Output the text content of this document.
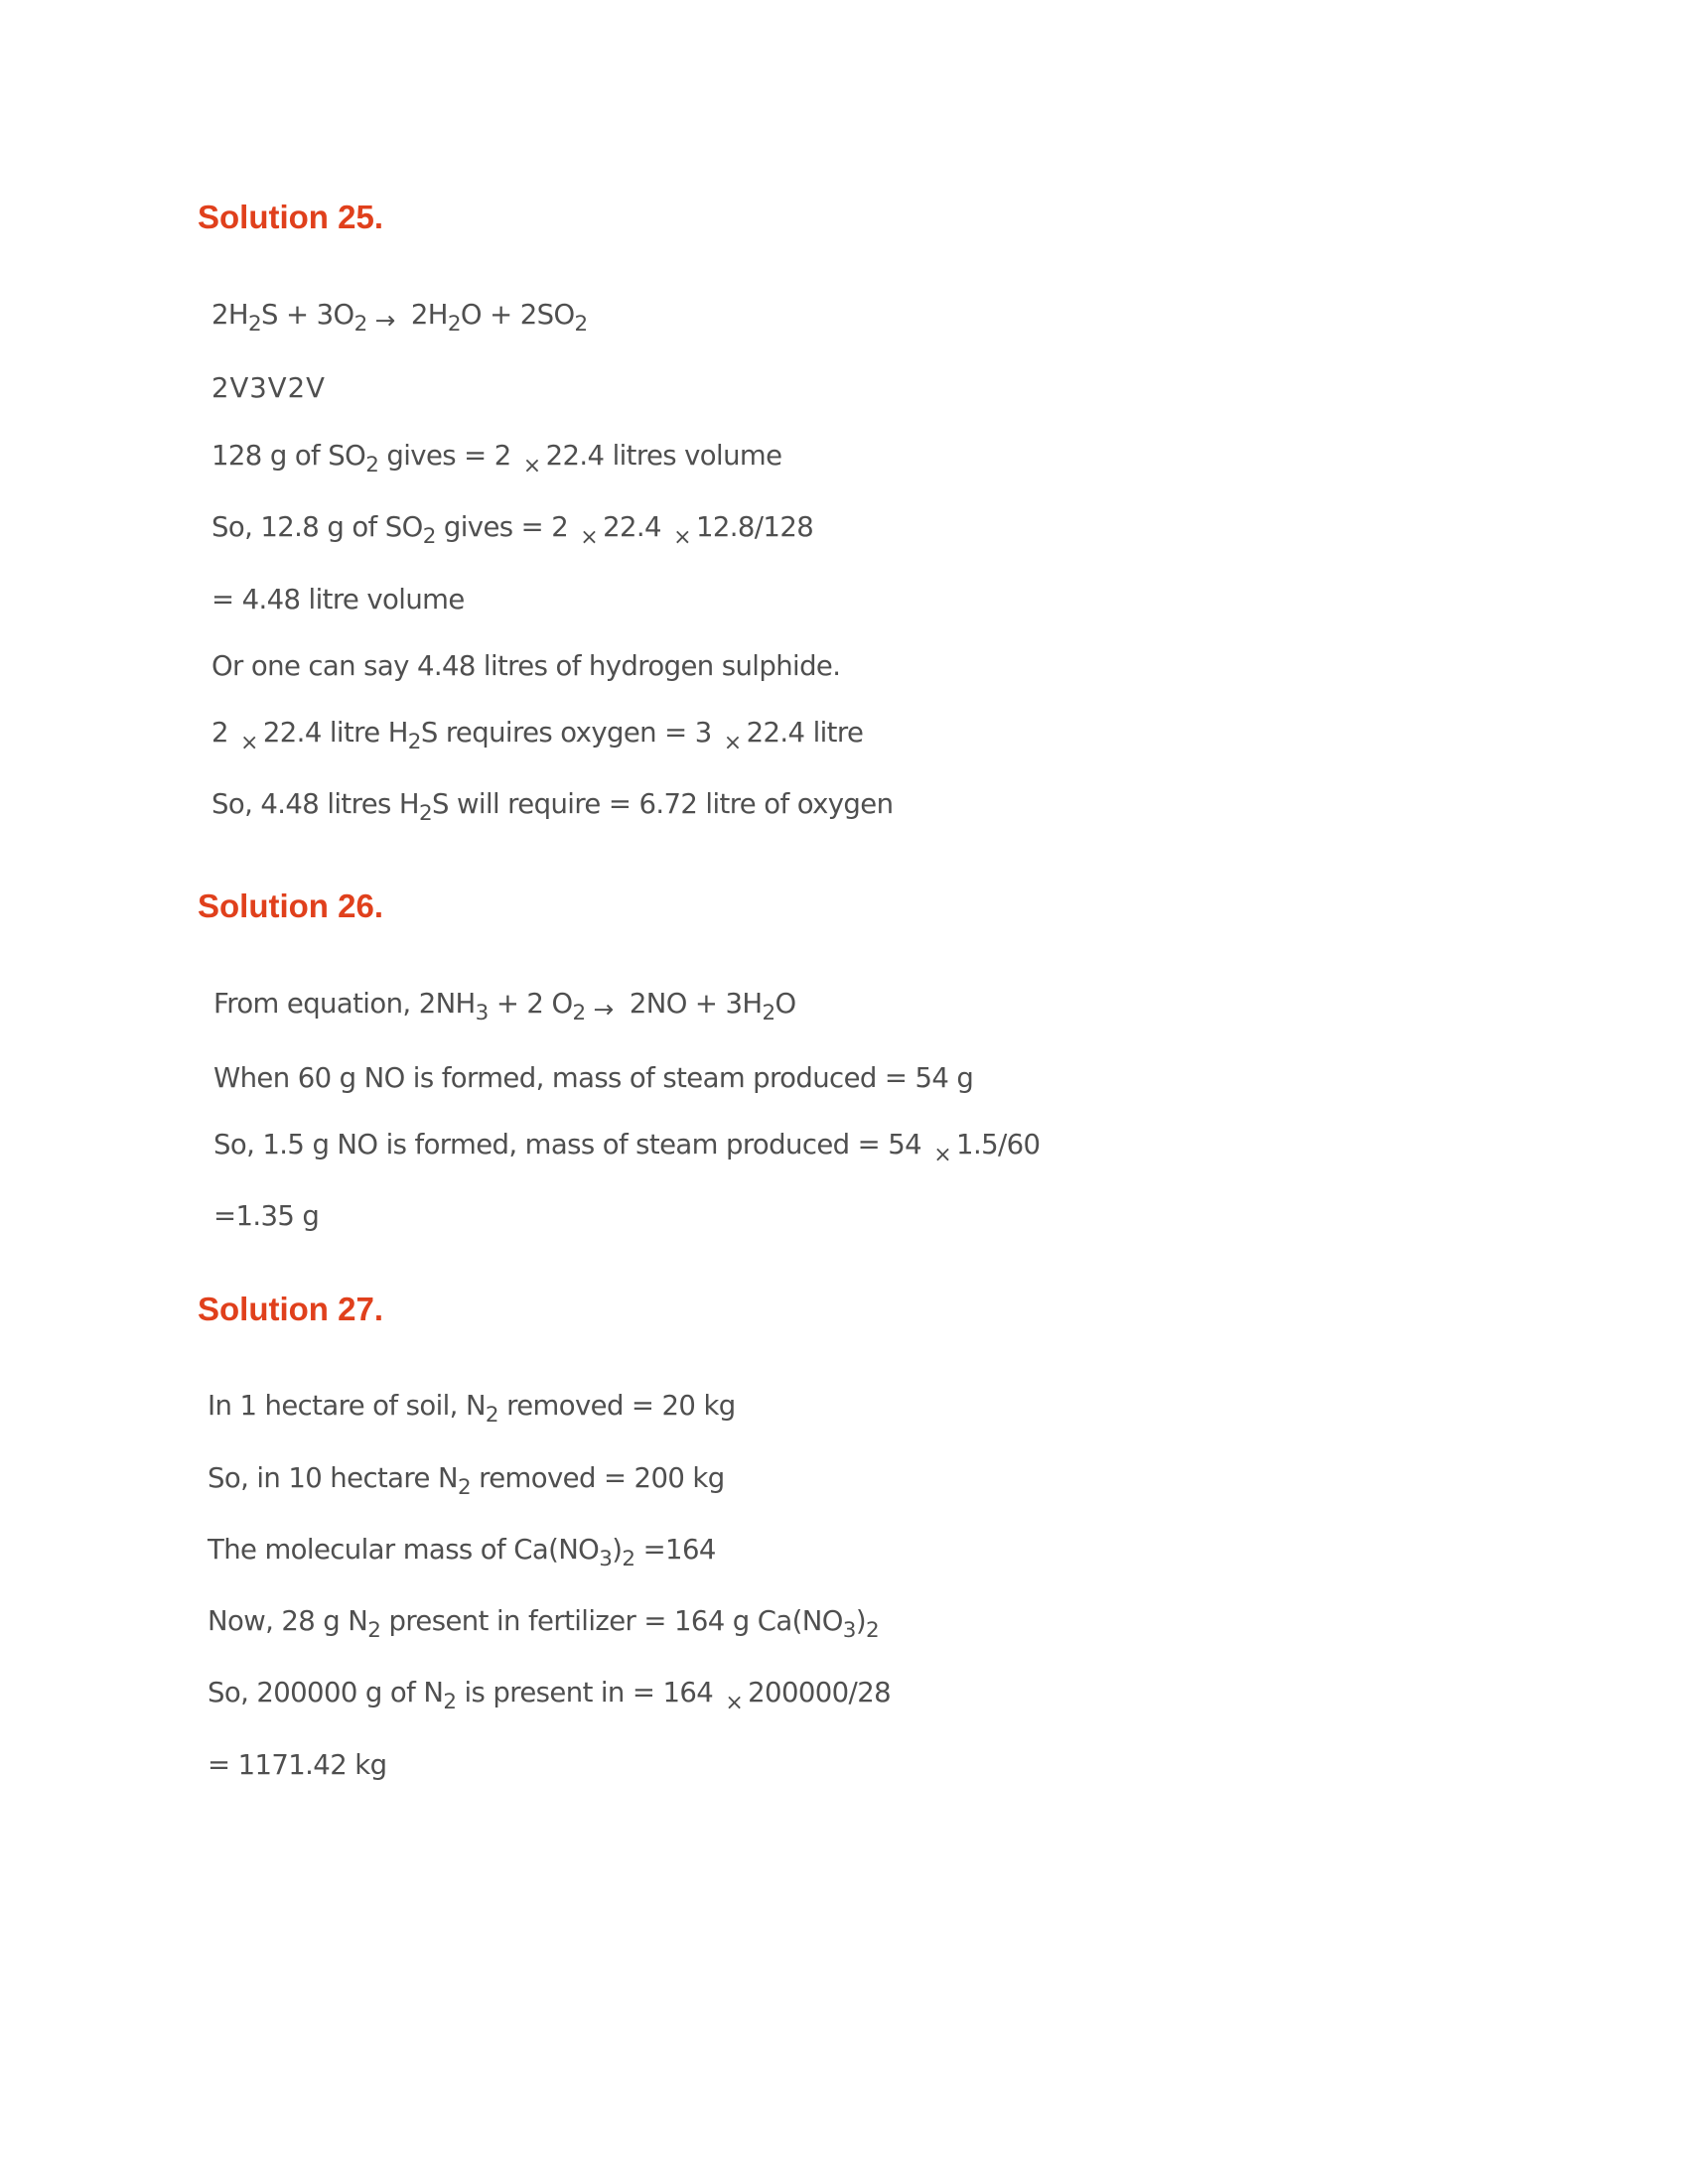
Solution 25.
$2H_2S + 3O_2 \to 2H_2O + 2SO_2$
2V3V2V
128 g of $SO_2$ gives = 2 $_\times$ 22.4 litres volume
So, 12.8 g of $SO_2$ gives = 2 $_\times$ 22.4 $_\times$ 12.8/128
= 4.48 litre volume
Or one can say 4.48 litres of hydrogen sulphide.
2 $_\times$ 22.4 litre $H_2S$ requires oxygen = 3 $_\times$ 22.4 litre
So, 4.48 litres $H_2S$ will require = 6.72 litre of oxygen
Solution 26.
From equation, $2NH_3 + 2$ $O_2 \to 2NO + 3H_2O$
When 60 g NO is formed, mass of steam produced = 54 g
So, 1.5 g NO is formed, mass of steam produced = 54 $_\times$ 1.5/60
=1.35 g
Solution 27.
In 1 hectare of soil, $N_2$ removed = 20 kg
So, in 10 hectare $N_2$ removed = 200 kg
The molecular mass of $Ca(NO_3)_2 =164$
Now, 28 g $N_2$ present in fertilizer = 164 g $Ca(NO_3)_2$
So, 200000 g of $N_2$ is present in = 164 $_\times$ 200000/28
= 1171.42 kg
